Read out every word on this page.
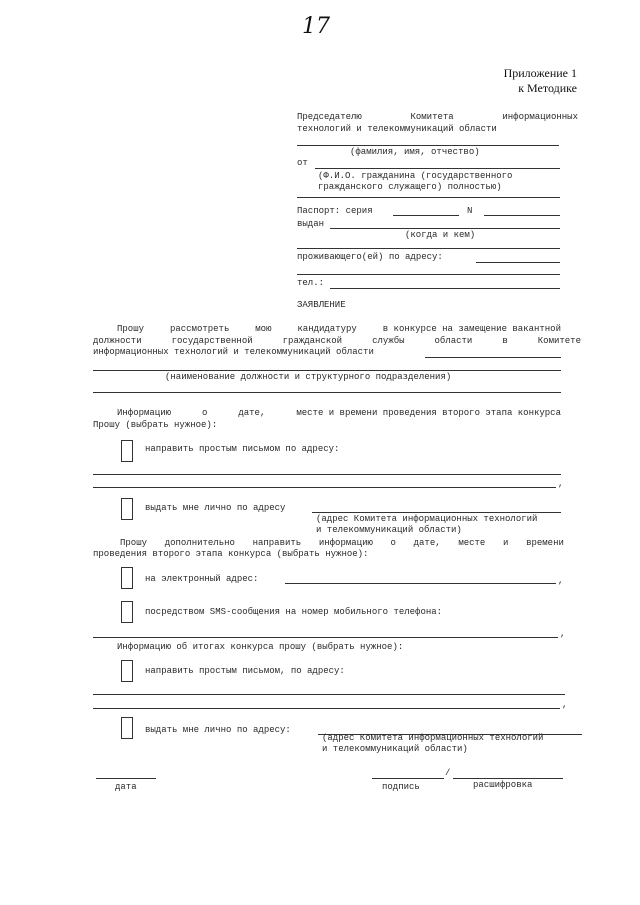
17
Приложение 1
к Методике
Председателю	Комитета	информационных
технологий и телекоммуникаций области
(фамилия, имя, отчество)
от
(Ф.И.О. гражданина (государственного
гражданского служащего) полностью)
Паспорт: серия	N
выдан
(когда и кем)
проживающего(ей) по адресу:
тел.:
ЗАЯВЛЕНИЕ
Прошу	рассмотреть	мою	кандидатуру	в конкурсе на замещение вакантной
должности	государственной	гражданской	службы	области	в	Комитете
информационных технологий и телекоммуникаций области
(наименование должности и структурного подразделения)
Информацию	о	дате,	месте и времени проведения второго этапа конкурса
Прошу (выбрать нужное):
направить простым письмом по адресу:
,
выдать мне лично по адресу
(адрес Комитета информационных технологий
и телекоммуникаций области)
Прошу дополнительно направить информацию о дате, месте и времени
проведения второго этапа конкурса (выбрать нужное):
на электронный адрес:	,
посредством SMS-сообщения на номер мобильного телефона:
,
Информацию об итогах конкурса прошу (выбрать нужное):
направить простым письмом, по адресу:
,
выдать мне лично по адресу:
(адрес Комитета информационных технологий
и телекоммуникаций области)
дата
/
подпись	расшифровка
